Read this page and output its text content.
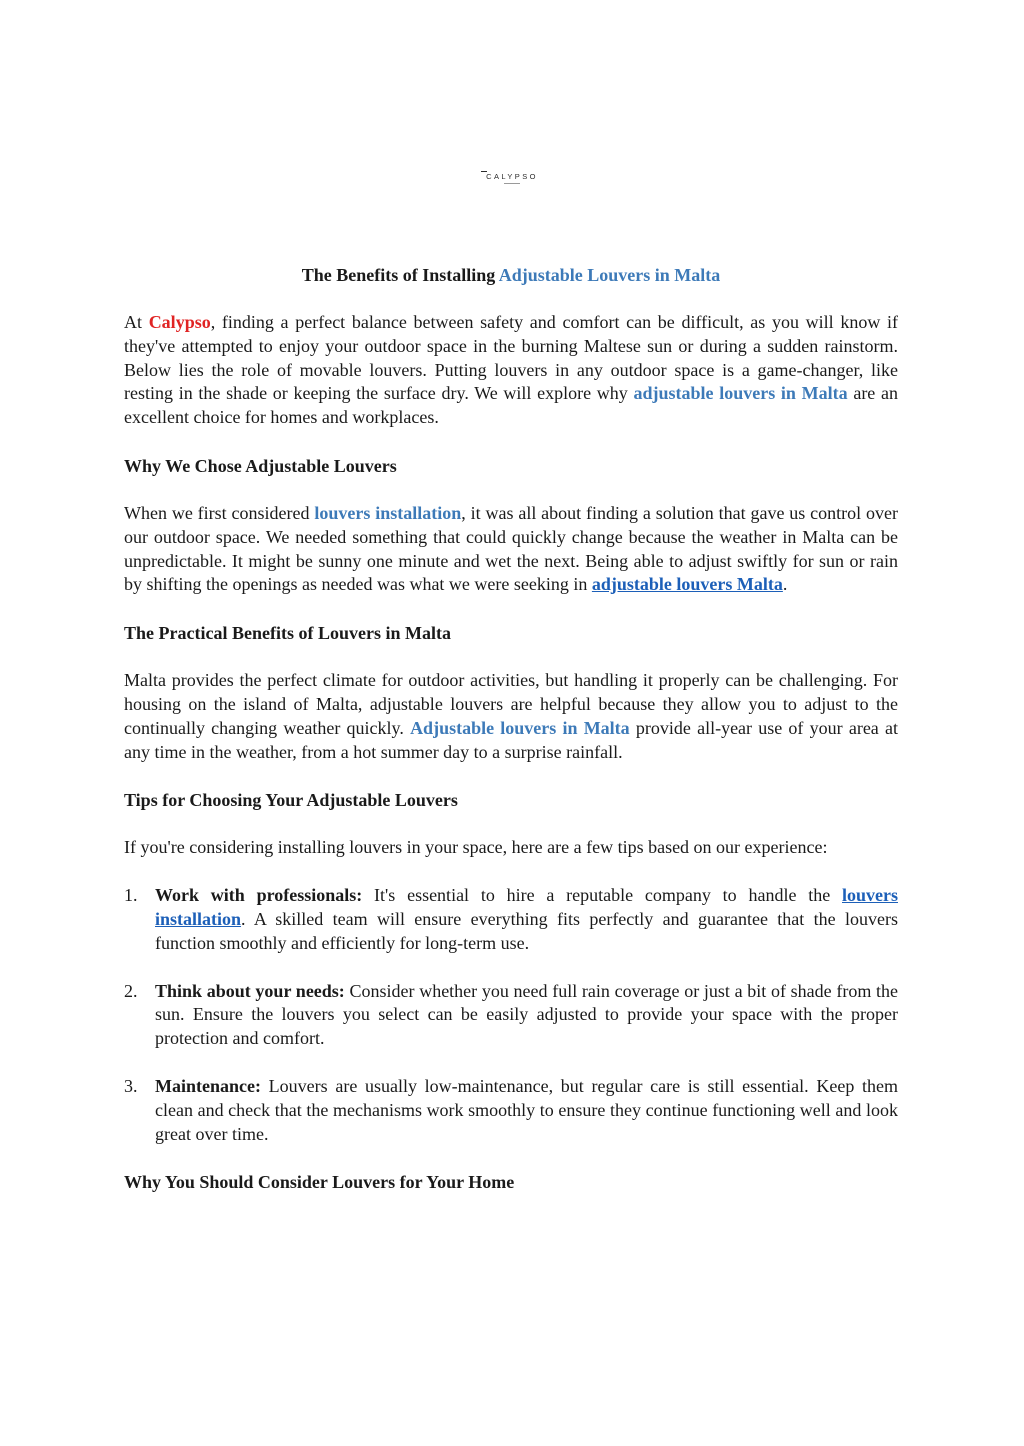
CALYPSO
The Benefits of Installing Adjustable Louvers in Malta

At Calypso, finding a perfect balance between safety and comfort can be difficult, as you will know if they've attempted to enjoy your outdoor space in the burning Maltese sun or during a sudden rainstorm. Below lies the role of movable louvers. Putting louvers in any outdoor space is a game-changer, like resting in the shade or keeping the surface dry. We will explore why adjustable louvers in Malta are an excellent choice for homes and workplaces.

Why We Chose Adjustable Louvers

When we first considered louvers installation, it was all about finding a solution that gave us control over our outdoor space. We needed something that could quickly change because the weather in Malta can be unpredictable. It might be sunny one minute and wet the next. Being able to adjust swiftly for sun or rain by shifting the openings as needed was what we were seeking in adjustable louvers Malta.

The Practical Benefits of Louvers in Malta

Malta provides the perfect climate for outdoor activities, but handling it properly can be challenging. For housing on the island of Malta, adjustable louvers are helpful because they allow you to adjust to the continually changing weather quickly. Adjustable louvers in Malta provide all-year use of your area at any time in the weather, from a hot summer day to a surprise rainfall.

Tips for Choosing Your Adjustable Louvers

If you're considering installing louvers in your space, here are a few tips based on our experience:

1. Work with professionals: It's essential to hire a reputable company to handle the louvers installation. A skilled team will ensure everything fits perfectly and guarantee that the louvers function smoothly and efficiently for long-term use.
2. Think about your needs: Consider whether you need full rain coverage or just a bit of shade from the sun. Ensure the louvers you select can be easily adjusted to provide your space with the proper protection and comfort.
3. Maintenance: Louvers are usually low-maintenance, but regular care is still essential. Keep them clean and check that the mechanisms work smoothly to ensure they continue functioning well and look great over time.
Why You Should Consider Louvers for Your Home
